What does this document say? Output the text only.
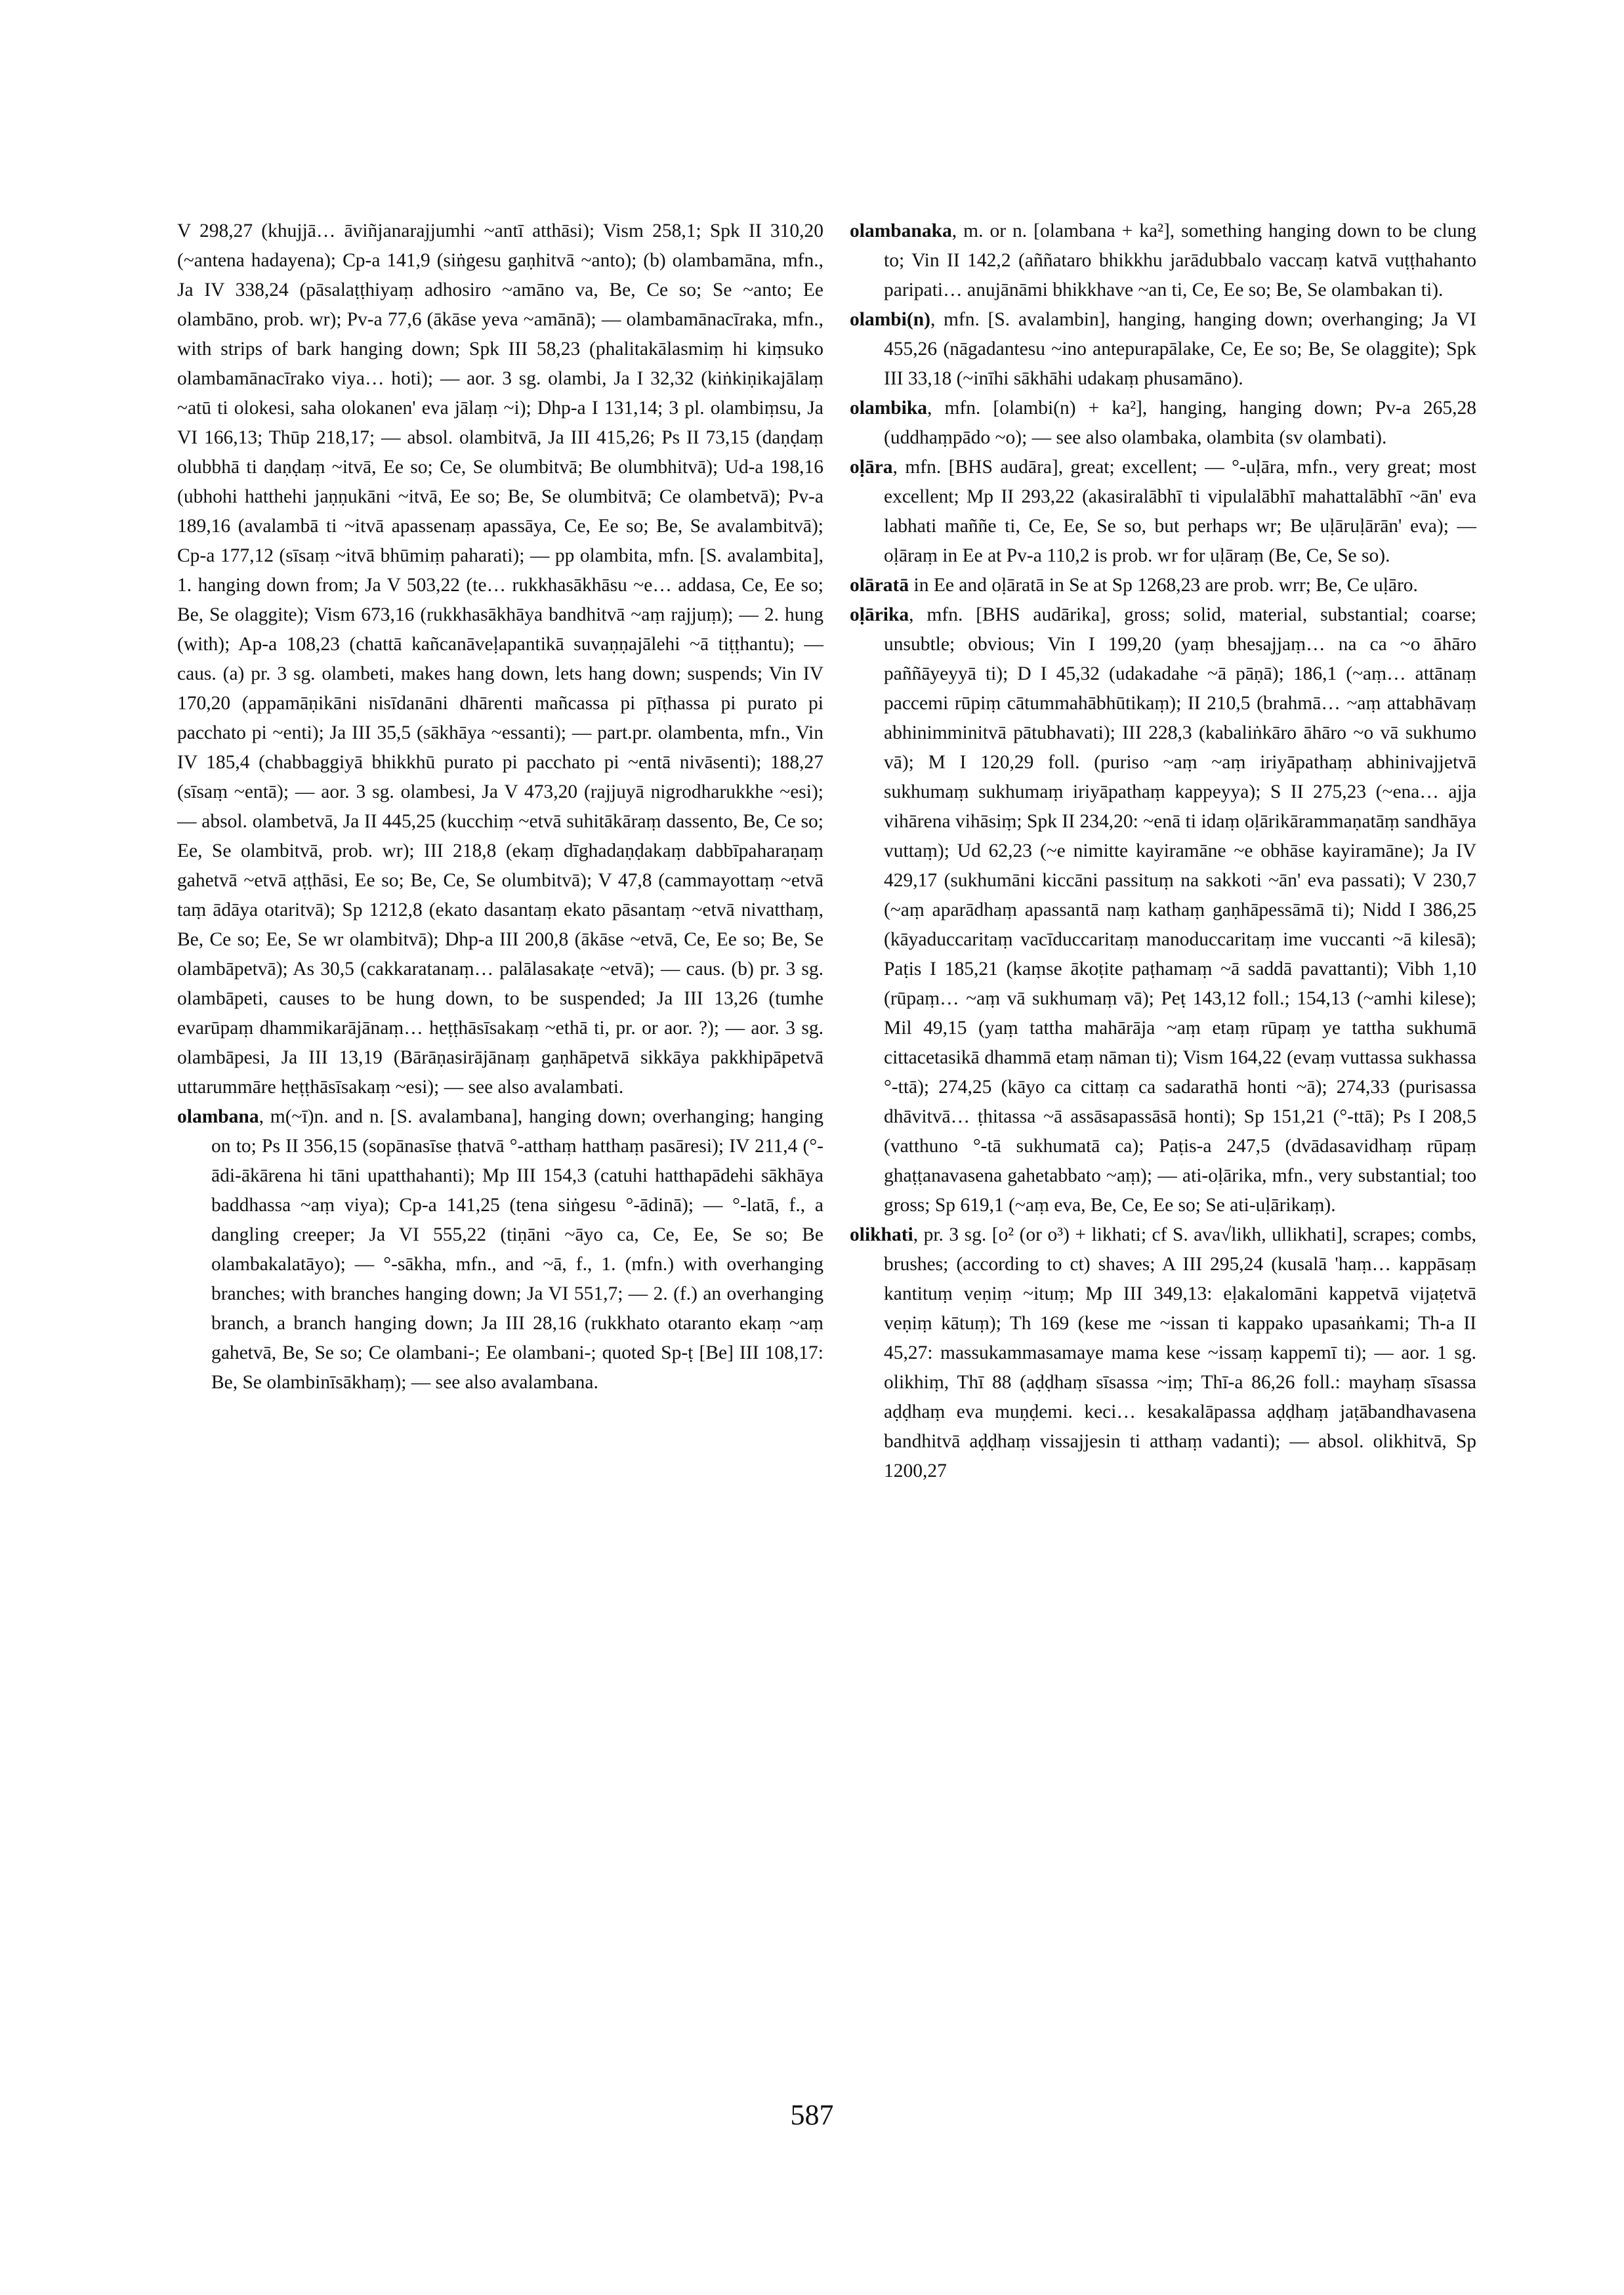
V 298,27 (khujjā… āviñjanarajjumhi ~antī atthāsi); Vism 258,1; Spk II 310,20 (~antena hadayena); Cp-a 141,9 (siṅgesu gaṇhitvā ~anto); (b) olambamāna, mfn., Ja IV 338,24 (pāsalaṭṭhiyaṃ adhosiro ~amāno va, Be, Ce so; Se ~anto; Ee olambāno, prob. wr); Pv-a 77,6 (ākāse yeva ~amānā); — olambamānacīraka, mfn., with strips of bark hanging down; Spk III 58,23 (phalitakālasmiṃ hi kiṃsuko olambamānacīrako viya… hoti); — aor. 3 sg. olambi, Ja I 32,32 (kiṅkiṇikajālaṃ ~atū ti olokesi, saha olokanen' eva jālaṃ ~i); Dhp-a I 131,14; 3 pl. olambiṃsu, Ja VI 166,13; Thūp 218,17; — absol. olambitvā, Ja III 415,26; Ps II 73,15 (daṇḍaṃ olubbhā ti daṇḍaṃ ~itvā, Ee so; Ce, Se olumbitvā; Be olumbhitvā); Ud-a 198,16 (ubhohi hatthehi jaṇṇukāni ~itvā, Ee so; Be, Se olumbitvā; Ce olambetvā); Pv-a 189,16 (avalambā ti ~itvā apassenaṃ apassāya, Ce, Ee so; Be, Se avalambitvā); Cp-a 177,12 (sīsaṃ ~itvā bhūmiṃ paharati); — pp olambita, mfn. [S. avalambita], 1. hanging down from; Ja V 503,22 (te… rukkhasākhāsu ~e… addasa, Ce, Ee so; Be, Se olaggite); Vism 673,16 (rukkhasākhāya bandhitvā ~aṃ rajjuṃ); — 2. hung (with); Ap-a 108,23 (chattā kañcanāveḷapantikā suvaṇṇajālehi ~ā tiṭṭhantu); — caus. (a) pr. 3 sg. olambeti, makes hang down, lets hang down; suspends; Vin IV 170,20 (appamāṇikāni nisīdanāni dhārenti mañcassa pi pīṭhassa pi purato pi pacchato pi ~enti); Ja III 35,5 (sākhāya ~essanti); — part.pr. olambenta, mfn., Vin IV 185,4 (chabbaggiyā bhikkhū purato pi pacchato pi ~entā nivāsenti); 188,27 (sīsaṃ ~entā); — aor. 3 sg. olambesi, Ja V 473,20 (rajjuyā nigrodharukkhe ~esi); — absol. olambetvā, Ja II 445,25 (kucchiṃ ~etvā suhitākāraṃ dassento, Be, Ce so; Ee, Se olambitvā, prob. wr); III 218,8 (ekaṃ dīghadaṇḍakaṃ dabbīpaharaṇaṃ gahetvā ~etvā aṭṭhāsi, Ee so; Be, Ce, Se olumbitvā); V 47,8 (cammayottaṃ ~etvā taṃ ādāya otaritvā); Sp 1212,8 (ekato dasantaṃ ekato pāsantaṃ ~etvā nivatthaṃ, Be, Ce so; Ee, Se wr olambitvā); Dhp-a III 200,8 (ākāse ~etvā, Ce, Ee so; Be, Se olambāpetvā); As 30,5 (cakkaratanaṃ… palālasakaṭe ~etvā); — caus. (b) pr. 3 sg. olambāpeti, causes to be hung down, to be suspended; Ja III 13,26 (tumhe evarūpaṃ dhammikarājānaṃ… heṭṭhāsīsakaṃ ~ethā ti, pr. or aor. ?); — aor. 3 sg. olambāpesi, Ja III 13,19 (Bārāṇasirājānaṃ gaṇhāpetvā sikkāya pakkhipāpetvā uttarummāre heṭṭhāsīsakaṃ ~esi); — see also avalambati.

olambana, m(~ī)n. and n. [S. avalambana], hanging down; overhanging; hanging on to; Ps II 356,15 (sopānasīse ṭhatvā °-atthaṃ hatthaṃ pasāresi); IV 211,4 (°-ādi-ākārena hi tāni upatthahanti); Mp III 154,3 (catuhi hatthapādehi sākhāya baddhassa ~aṃ viya); Cp-a 141,25 (tena siṅgesu °-ādinā); — °-latā, f., a dangling creeper; Ja VI 555,22 (tiṇāni ~āyo ca, Ce, Ee, Se so; Be olambakalatāyo); — °-sākha, mfn., and ~ā, f., 1. (mfn.) with overhanging branches; with branches hanging down; Ja VI 551,7; — 2. (f.) an overhanging branch, a branch hanging down; Ja III 28,16 (rukkhato otaranto ekaṃ ~aṃ gahetvā, Be, Se so; Ce olambani-; Ee olambani-; quoted Sp-ṭ [Be] III 108,17: Be, Se olambinīsākhaṃ); — see also avalambana.

olambanaka, m. or n. [olambana + ka²], something hanging down to be clung to; Vin II 142,2 (aññataro bhikkhu jarādubbalo vaccaṃ katvā vuṭṭhahanto paripati… anujānāmi bhikkhave ~an ti, Ce, Ee so; Be, Se olambakan ti).

olambi(n), mfn. [S. avalambin], hanging, hanging down; overhanging; Ja VI 455,26 (nāgadantesu ~ino antepurapālake, Ce, Ee so; Be, Se olaggite); Spk III 33,18 (~inīhi sākhāhi udakaṃ phusamāno).

olambika, mfn. [olambi(n) + ka²], hanging, hanging down; Pv-a 265,28 (uddhaṃpādo ~o); — see also olambaka, olambita (sv olambati).

oḷāra, mfn. [BHS audāra], great; excellent; — °-uḷāra, mfn., very great; most excellent; Mp II 293,22 (akasiralābhī ti vipulalābhī mahattalābhī ~ān' eva labhati maññe ti, Ce, Ee, Se so, but perhaps wr; Be uḷāruḷārān' eva); — oḷāraṃ in Ee at Pv-a 110,2 is prob. wr for uḷāraṃ (Be, Ce, Se so).

olāratā in Ee and oḷāratā in Se at Sp 1268,23 are prob. wrr; Be, Ce uḷāro.

oḷārika, mfn. [BHS audārika], gross; solid, material, substantial; coarse; unsubtle; obvious; Vin I 199,20 (yaṃ bhesajjaṃ… na ca ~o āhāro paññāyeyyā ti); D I 45,32 (udakadahe ~ā pāṇā); 186,1 (~aṃ… attānaṃ paccemi rūpiṃ cātummahābhūtikaṃ); II 210,5 (brahmā… ~aṃ attabhāvaṃ abhinimminitvā pātubhavati); III 228,3 (kabaliṅkāro āhāro ~o vā sukhumo vā); M I 120,29 foll. (puriso ~aṃ ~aṃ iriyāpathaṃ abhinivajjetvā sukhumaṃ sukhumaṃ iriyāpathaṃ kappeyya); S II 275,23 (~ena… ajja vihārena vihāsiṃ; Spk II 234,20: ~enā ti idaṃ oḷārikārammaṇatāṃ sandhāya vuttaṃ); Ud 62,23 (~e nimitte kayiramāne ~e obhāse kayiramāne); Ja IV 429,17 (sukhumāni kiccāni passituṃ na sakkoti ~ān' eva passati); V 230,7 (~aṃ aparādhaṃ apassantā naṃ kathaṃ gaṇhāpessāmā ti); Nidd I 386,25 (kāyaduccaritaṃ vacīduccaritaṃ manoduccaritaṃ ime vuccanti ~ā kilesā); Paṭis I 185,21 (kaṃse ākoṭite paṭhamaṃ ~ā saddā pavattanti); Vibh 1,10 (rūpaṃ… ~aṃ vā sukhumaṃ vā); Peṭ 143,12 foll.; 154,13 (~amhi kilese); Mil 49,15 (yaṃ tattha mahārāja ~aṃ etaṃ rūpaṃ ye tattha sukhumā cittacetasikā dhammā etaṃ nāman ti); Vism 164,22 (evaṃ vuttassa sukhassa °-ttā); 274,25 (kāyo ca cittaṃ ca sadarathā honti ~ā); 274,33 (purisassa dhāvitvā… ṭhitassa ~ā assāsapassāsā honti); Sp 151,21 (°-ttā); Ps I 208,5 (vatthuno °-tā sukhumatā ca); Paṭis-a 247,5 (dvādasavidhaṃ rūpaṃ ghaṭṭanavasena gahetabbato ~aṃ); — ati-oḷārika, mfn., very substantial; too gross; Sp 619,1 (~aṃ eva, Be, Ce, Ee so; Se ati-uḷārikaṃ).

olikhati, pr. 3 sg. [o² (or o³) + likhati; cf S. ava√likh, ullikhati], scrapes; combs, brushes; (according to ct) shaves; A III 295,24 (kusalā 'haṃ… kappāsaṃ kantituṃ veṇiṃ ~ituṃ; Mp III 349,13: eḷakalomāni kappetvā vijaṭetvā veṇiṃ kātuṃ); Th 169 (kese me ~issan ti kappako upasaṅkami; Th-a II 45,27: massukammasamaye mama kese ~issaṃ kappemī ti); — aor. 1 sg. olikhiṃ, Thī 88 (aḍḍhaṃ sīsassa ~iṃ; Thī-a 86,26 foll.: mayhaṃ sīsassa aḍḍhaṃ eva muṇḍemi. keci… kesakalāpassa aḍḍhaṃ jaṭābandhavasena bandhitvā aḍḍhaṃ vissajjesin ti atthaṃ vadanti); — absol. olikhitvā, Sp 1200,27

587
